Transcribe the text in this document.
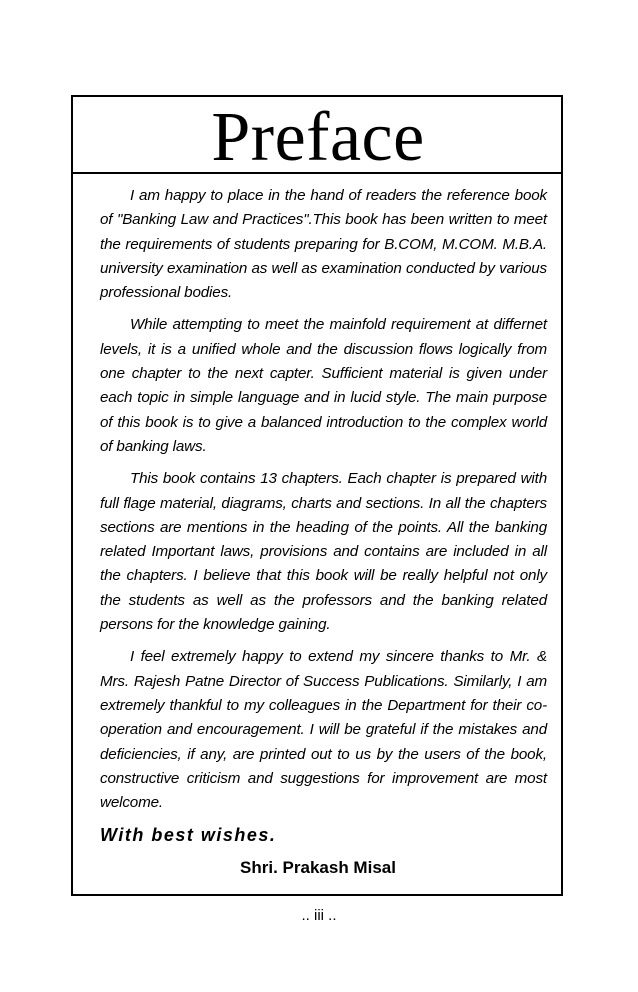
Preface

I am happy to place in the hand of readers the reference book of "Banking Law and Practices".This book has been written to meet the requirements of students preparing for B.COM, M.COM. M.B.A. university examination as well as examination conducted by various professional bodies.

While attempting to meet the mainfold requirement at differnet levels, it is a unified whole and the discussion flows logically from one chapter to the next capter. Sufficient material is given under each topic in simple language and in lucid style. The main purpose of this book is to give a balanced introduction to the complex world of banking laws.

This book contains 13 chapters. Each chapter is prepared with full flage material, diagrams, charts and sections. In all the chapters sections are mentions in the heading of the points. All the banking related Important laws, provisions and contains are included in all the chapters. I believe that this book will be really helpful not only the students as well as the professors and the banking related persons for the knowledge gaining.

I feel extremely happy to extend my sincere thanks to Mr. & Mrs. Rajesh Patne Director of Success Publications. Similarly, I am extremely thankful to my colleagues in the Department for their co-operation and encouragement. I will be grateful if the mistakes and deficiencies, if any, are printed out to us by the users of the book, constructive criticism and suggestions for improvement are most welcome.

With best wishes.

Shri. Prakash Misal

.. iii ..
